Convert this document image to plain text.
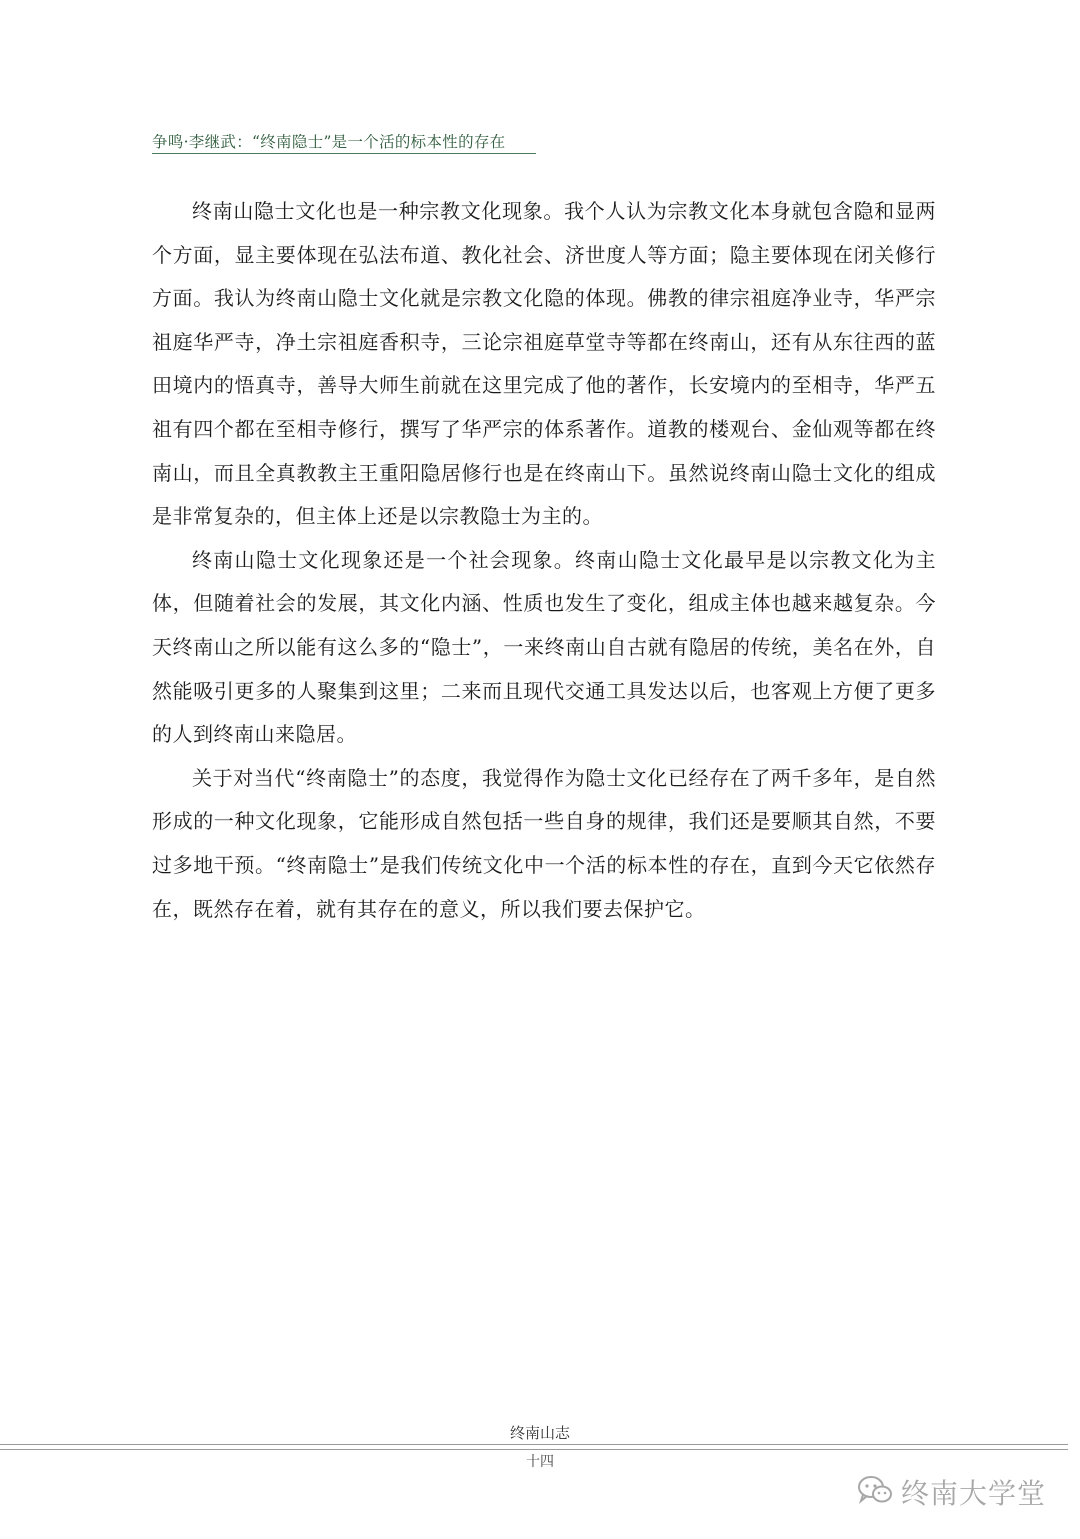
争鸣·李继武：“终南隐士”是一个活的标本性的存在

终南山隐士文化也是一种宗教文化现象。我个人认为宗教文化本身就包含隐和显两个方面，显主要体现在弘法布道、教化社会、济世度人等方面；隐主要体现在闭关修行方面。我认为终南山隐士文化就是宗教文化隐的体现。佛教的律宗祖庭净业寺，华严宗祖庭华严寺，净土宗祖庭香积寺，三论宗祖庭草堂寺等都在终南山，还有从东往西的蓝田境内的悟真寺，善导大师生前就在这里完成了他的著作，长安境内的至相寺，华严五祖有四个都在至相寺修行，撰写了华严宗的体系著作。道教的楼观台、金仙观等都在终南山，而且全真教教主王重阳隐居修行也是在终南山下。虽然说终南山隐士文化的组成是非常复杂的，但主体上还是以宗教隐士为主的。

终南山隐士文化现象还是一个社会现象。终南山隐士文化最早是以宗教文化为主体，但随着社会的发展，其文化内涵、性质也发生了变化，组成主体也越来越复杂。今天终南山之所以能有这么多的“隐士”，一来终南山自古就有隐居的传统，美名在外，自然能吸引更多的人聚集到这里；二来而且现代交通工具发达以后，也客观上方便了更多的人到终南山来隐居。

关于对当代“终南隐士”的态度，我觉得作为隐士文化已经存在了两千多年，是自然形成的一种文化现象，它能形成自然包括一些自身的规律，我们还是要顺其自然，不要过多地干预。“终南隐士”是我们传统文化中一个活的标本性的存在，直到今天它依然存在，既然存在着，就有其存在的意义，所以我们要去保护它。

终南山志
十四
终南大学堂
